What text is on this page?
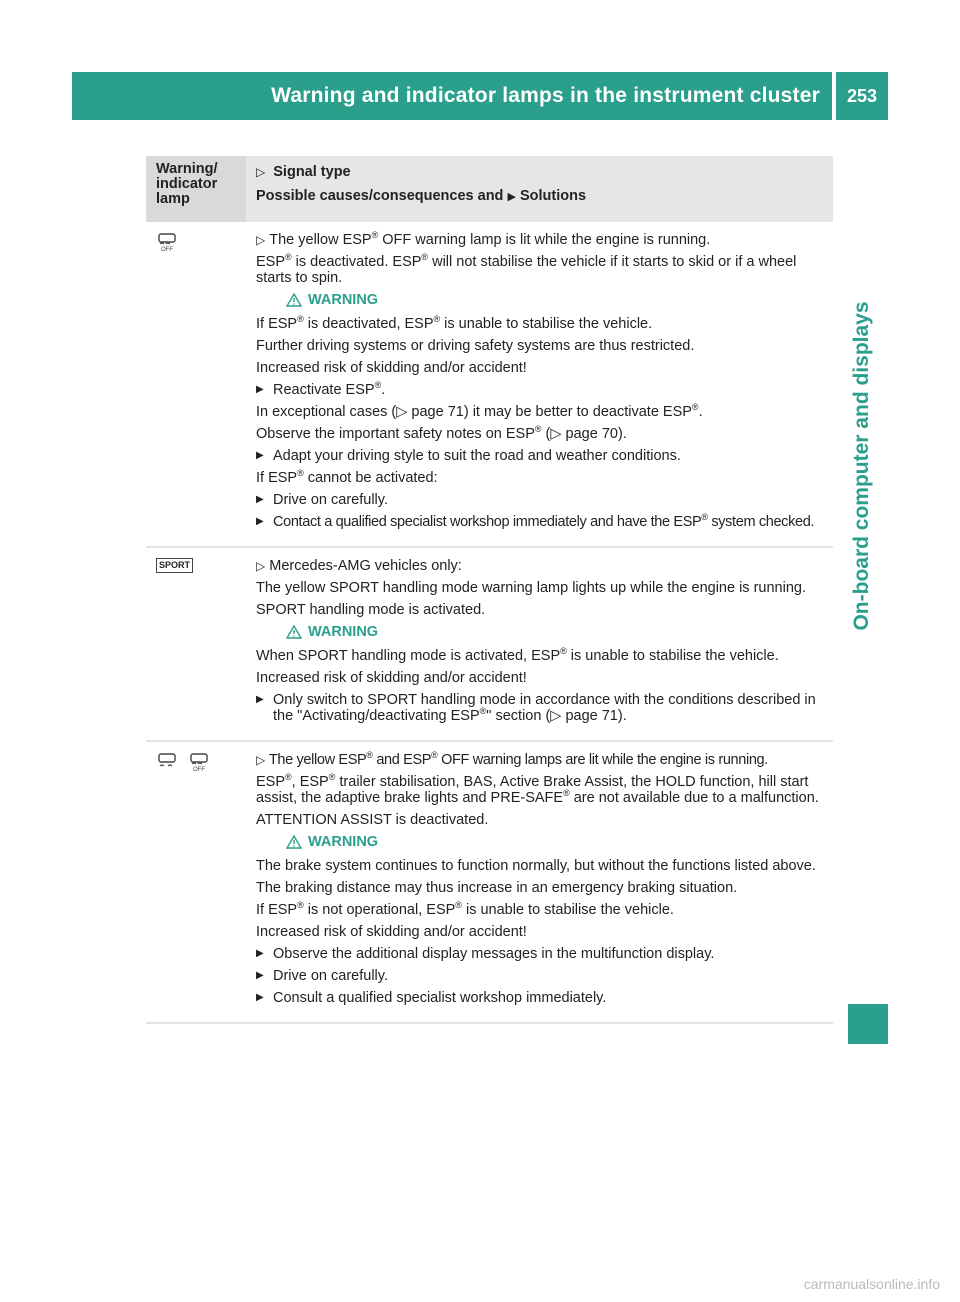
Warning and indicator lamps in the instrument cluster	253
On-board computer and displays
Warning/ indicator lamp
▷ Signal type
Possible causes/consequences and ▶ Solutions
OFF

▷ The yellow ESP® OFF warning lamp is lit while the engine is running.

ESP® is deactivated. ESP® will not stabilise the vehicle if it starts to skid or if a wheel starts to spin.

WARNING

If ESP® is deactivated, ESP® is unable to stabilise the vehicle.

Further driving systems or driving safety systems are thus restricted.

Increased risk of skidding and/or accident!

▶ Reactivate ESP®.

In exceptional cases (▷ page 71) it may be better to deactivate ESP®.

Observe the important safety notes on ESP® (▷ page 70).

▶ Adapt your driving style to suit the road and weather conditions.

If ESP® cannot be activated:

▶ Drive on carefully.
▶ Contact a qualified specialist workshop immediately and have the ESP® system checked.
SPORT	▷ Mercedes-AMG vehicles only:

The yellow SPORT handling mode warning lamp lights up while the engine is running.

SPORT handling mode is activated.

WARNING

When SPORT handling mode is activated, ESP® is unable to stabilise the vehicle.

Increased risk of skidding and/or accident!

▶ Only switch to SPORT handling mode in accordance with the conditions described in the "Activating/deactivating ESP®" section (▷ page 71).

OFF

▷ The yellow ESP® and ESP® OFF warning lamps are lit while the engine is running.

ESP®, ESP® trailer stabilisation, BAS, Active Brake Assist, the HOLD function, hill start assist, the adaptive brake lights and PRE-SAFE® are not available due to a malfunction.

ATTENTION ASSIST is deactivated.

WARNING

The brake system continues to function normally, but without the functions listed above.

The braking distance may thus increase in an emergency braking situation.

If ESP® is not operational, ESP® is unable to stabilise the vehicle.

Increased risk of skidding and/or accident!

▶ Observe the additional display messages in the multifunction display.
▶ Drive on carefully.
▶ Consult a qualified specialist workshop immediately.
carmanualsonline.info
